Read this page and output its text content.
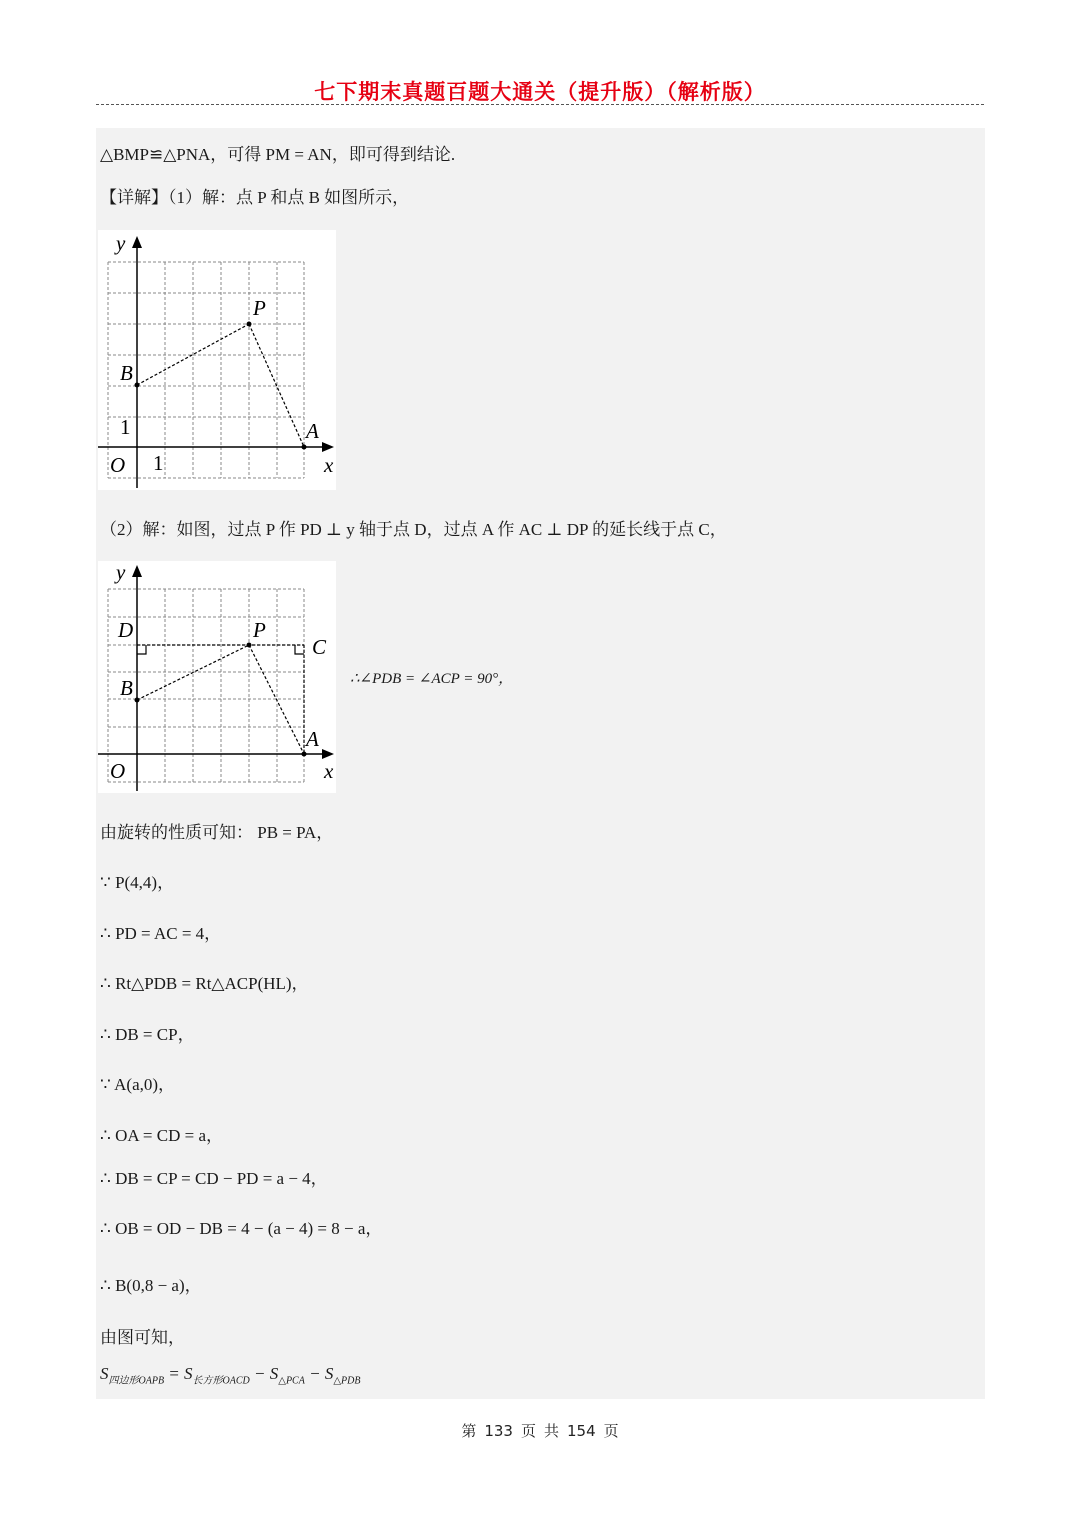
七下期末真题百题大通关（提升版）（解析版）
△BMP≌△PNA，可得 PM = AN，即可得到结论.
【详解】（1）解：点 P 和点 B 如图所示，
y
x
O
P
B
A
1
1
（2）解：如图，过点 P 作 PD ⊥ y 轴于点 D，过点 A 作 AC ⊥ DP 的延长线于点 C，
y
x
O
P
B
A
D
C
∴∠PDB = ∠ACP = 90°，
由旋转的性质可知： PB = PA，
∵ P(4,4)，
∴ PD = AC = 4，
∴ Rt△PDB = Rt△ACP(HL)，
∴ DB = CP，
∵ A(a,0)，
∴ OA = CD = a，
∴ DB = CP = CD − PD = a − 4，
∴ OB = OD − DB = 4 − (a − 4) = 8 − a，
∴ B(0,8 − a)，
由图可知，
$S_{四边形OAPB} = S_{长方形OACD} - S_{\triangle PCA} - S_{\triangle PDB}$
第 133 页 共 154 页
